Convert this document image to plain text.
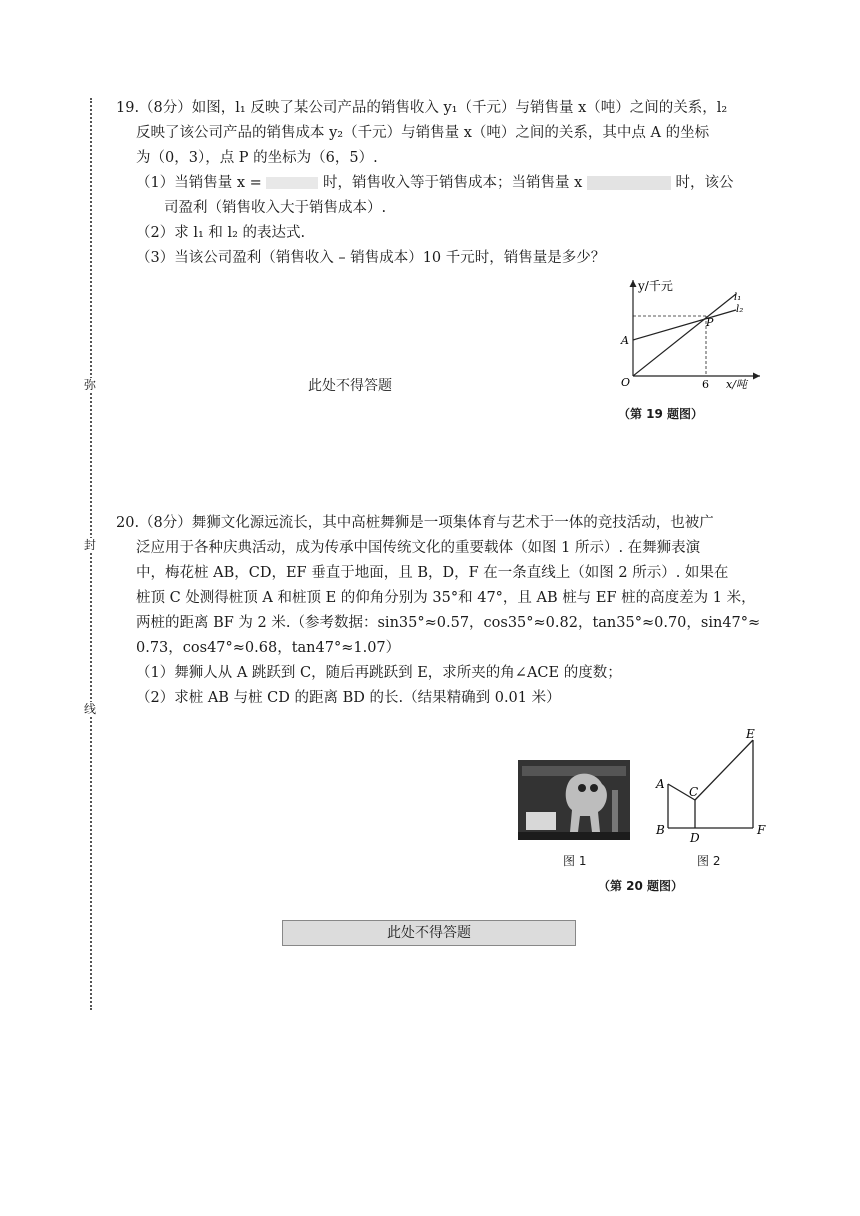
弥
封
线

19.（8分）如图，l₁ 反映了某公司产品的销售收入 y₁（千元）与销售量 x（吨）之间的关系，l₂

反映了该公司产品的销售成本 y₂（千元）与销售量 x（吨）之间的关系，其中点 A 的坐标

为（0，3），点 P 的坐标为（6，5）.

（1）当销售量 x =	时，销售收入等于销售成本；当销售量 x	时，该公

司盈利（销售收入大于销售成本）.

（2）求 l₁ 和 l₂ 的表达式.

（3）当该公司盈利（销售收入 – 销售成本）10 千元时，销售量是多少？

此处不得答题
y/千元
x/吨
O	6
A
P
l₁
l₂
（第 19 题图）

20.（8分）舞狮文化源远流长，其中高桩舞狮是一项集体育与艺术于一体的竞技活动，也被广

泛应用于各种庆典活动，成为传承中国传统文化的重要载体（如图 1 所示）. 在舞狮表演

中，梅花桩 AB，CD，EF 垂直于地面，且 B，D，F 在一条直线上（如图 2 所示）. 如果在

桩顶 C 处测得桩顶 A 和桩顶 E 的仰角分别为 35°和 47°，且 AB 桩与 EF 桩的高度差为 1 米，

两桩的距离 BF 为 2 米.（参考数据：sin35°≈0.57，cos35°≈0.82，tan35°≈0.70，sin47°≈

0.73，cos47°≈0.68，tan47°≈1.07）

（1）舞狮人从 A 跳跃到 C，随后再跳跃到 E，求所夹的角∠ACE 的度数；

（2）求桩 AB 与桩 CD 的距离 BD 的长.（结果精确到 0.01 米）

图 1
A
B
C
D
E
F
图 2
（第 20 题图）
此处不得答题
